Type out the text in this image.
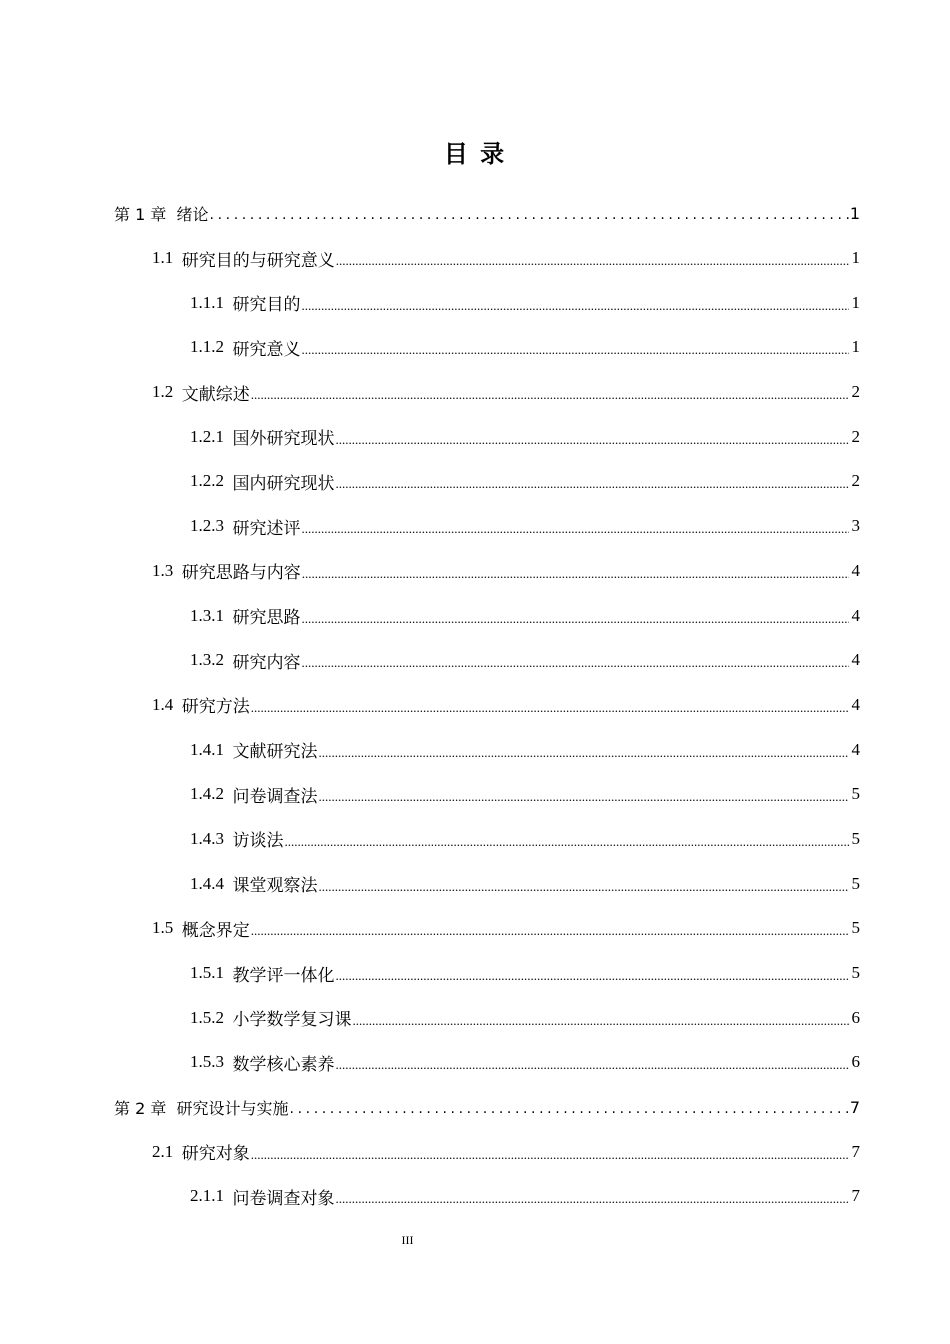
目 录
第 1 章 绪论 .....	1
1.1 研究目的与研究意义 .....	1
1.1.1 研究目的 .....	1
1.1.2 研究意义 .....	1
1.2 文献综述 .....	2
1.2.1 国外研究现状 .....	2
1.2.2 国内研究现状 .....	2
1.2.3 研究述评 .....	3
1.3 研究思路与内容 .....	4
1.3.1 研究思路 .....	4
1.3.2 研究内容 .....	4
1.4 研究方法 .....	4
1.4.1 文献研究法 .....	4
1.4.2 问卷调查法 .....	5
1.4.3 访谈法 .....	5
1.4.4 课堂观察法 .....	5
1.5 概念界定 .....	5
1.5.1 教学评一体化 .....	5
1.5.2 小学数学复习课 .....	6
1.5.3 数学核心素养 .....	6
第 2 章 研究设计与实施 .....	7
2.1 研究对象 .....	7
2.1.1 问卷调查对象 .....	7
III
